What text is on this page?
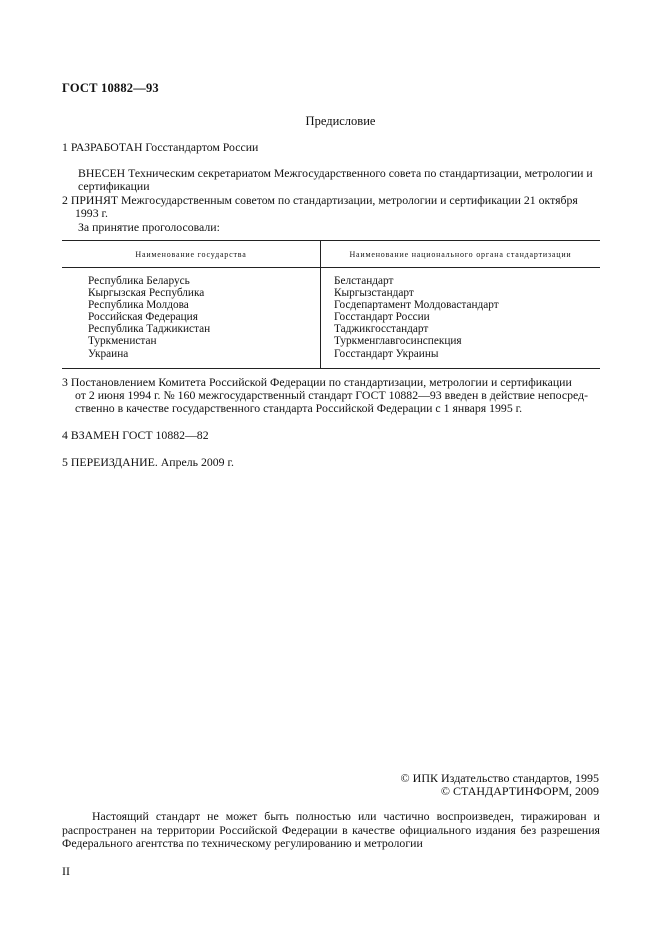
ГОСТ 10882—93
Предисловие
1 РАЗРАБОТАН Госстандартом России
ВНЕСЕН Техническим секретариатом Межгосударственного совета по стандартизации, метрологии и сертификации
2 ПРИНЯТ Межгосударственным советом по стандартизации, метрологии и сертификации 21 октября
1993 г.
За принятие проголосовали:
Наименование государства	Наименование национального органа стандартизации
Республика Беларусь	Белстандарт
Кыргызская Республика	Кыргызстандарт
Республика Молдова	Госдепартамент Молдовастандарт
Российская Федерация	Госстандарт России
Республика Таджикистан	Таджикгосстандарт
Туркменистан	Туркменглавгосинспекция
Украина	Госстандарт Украины
3 Постановлением Комитета Российской Федерации по стандартизации, метрологии и сертификации
от 2 июня 1994 г. № 160 межгосударственный стандарт ГОСТ 10882—93 введен в действие непосред-
ственно в качестве государственного стандарта Российской Федерации с 1 января 1995 г.
4 ВЗАМЕН ГОСТ 10882—82
5 ПЕРЕИЗДАНИЕ. Апрель 2009 г.
© ИПК Издательство стандартов, 1995
© СТАНДАРТИНФОРМ, 2009
Настоящий стандарт не может быть полностью или частично воспроизведен, тиражирован и распространен на территории Российской Федерации в качестве официального издания без разрешения Федерального агентства по техническому регулированию и метрологии
II
